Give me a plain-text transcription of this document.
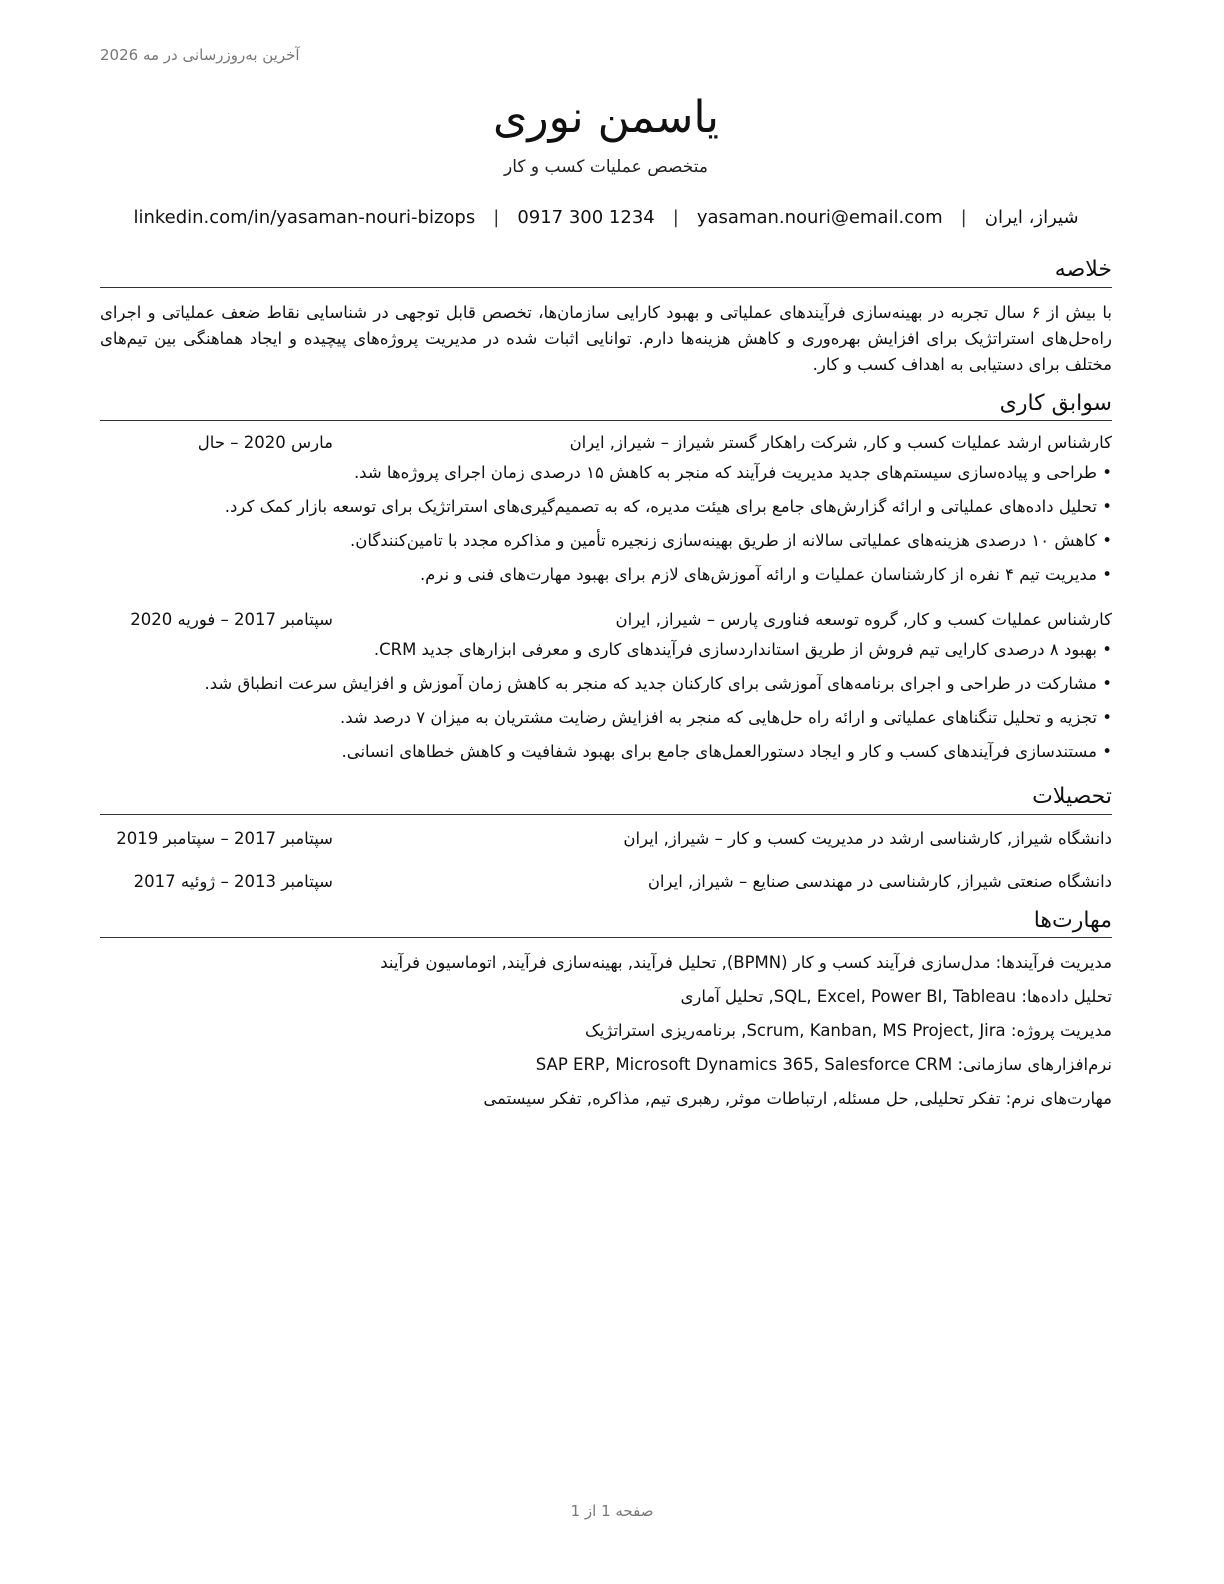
آخرین به‌روزرسانی در مه 2026
یاسمن نوری
متخصص عملیات کسب و کار
شیراز، ایران
|
yasaman.nouri@email.com
|
0917 300 1234
|
linkedin.com/in/yasaman-nouri-bizops
خلاصه
با بیش از ۶ سال تجربه در بهینه‌سازی فرآیندهای عملیاتی و بهبود کارایی سازمان‌ها، تخصص قابل توجهی در شناسایی نقاط ضعف عملیاتی و اجرای راه‌حل‌های استراتژیک برای افزایش بهره‌وری و کاهش هزینه‌ها دارم. توانایی اثبات شده در مدیریت پروژه‌های پیچیده و ایجاد هماهنگی بین تیم‌های مختلف برای دستیابی به اهداف کسب و کار.
سوابق کاری
کارشناس ارشد عملیات کسب و کار, شرکت راهکار گستر شیراز – شیراز, ایران
مارس 2020 – حال
• طراحی و پیاده‌سازی سیستم‌های جدید مدیریت فرآیند که منجر به کاهش ۱۵ درصدی زمان اجرای پروژه‌ها شد.
• تحلیل داده‌های عملیاتی و ارائه گزارش‌های جامع برای هیئت مدیره، که به تصمیم‌گیری‌های استراتژیک برای توسعه بازار کمک کرد.
• کاهش ۱۰ درصدی هزینه‌های عملیاتی سالانه از طریق بهینه‌سازی زنجیره تأمین و مذاکره مجدد با تامین‌کنندگان.
• مدیریت تیم ۴ نفره از کارشناسان عملیات و ارائه آموزش‌های لازم برای بهبود مهارت‌های فنی و نرم.
کارشناس عملیات کسب و کار, گروه توسعه فناوری پارس – شیراز, ایران
سپتامبر 2017 – فوریه 2020
• بهبود ۸ درصدی کارایی تیم فروش از طریق استانداردسازی فرآیندهای کاری و معرفی ابزارهای جدید CRM.
• مشارکت در طراحی و اجرای برنامه‌های آموزشی برای کارکنان جدید که منجر به کاهش زمان آموزش و افزایش سرعت انطباق شد.
• تجزیه و تحلیل تنگناهای عملیاتی و ارائه راه حل‌هایی که منجر به افزایش رضایت مشتریان به میزان ۷ درصد شد.
• مستندسازی فرآیندهای کسب و کار و ایجاد دستورالعمل‌های جامع برای بهبود شفافیت و کاهش خطاهای انسانی.
تحصیلات
دانشگاه شیراز, کارشناسی ارشد در مدیریت کسب و کار – شیراز, ایران
سپتامبر 2017 – سپتامبر 2019
دانشگاه صنعتی شیراز, کارشناسی در مهندسی صنایع – شیراز, ایران
سپتامبر 2013 – ژوئیه 2017
مهارت‌ها
مدیریت فرآیندها: مدل‌سازی فرآیند کسب و کار (BPMN), تحلیل فرآیند, بهینه‌سازی فرآیند, اتوماسیون فرآیند
تحلیل داده‌ها: SQL, Excel, Power BI, Tableau, تحلیل آماری
مدیریت پروژه: Scrum, Kanban, MS Project, Jira, برنامه‌ریزی استراتژیک
نرم‌افزارهای سازمانی: SAP ERP, Microsoft Dynamics 365, Salesforce CRM
مهارت‌های نرم: تفکر تحلیلی, حل مسئله, ارتباطات موثر, رهبری تیم, مذاکره, تفکر سیستمی
صفحه 1 از 1
